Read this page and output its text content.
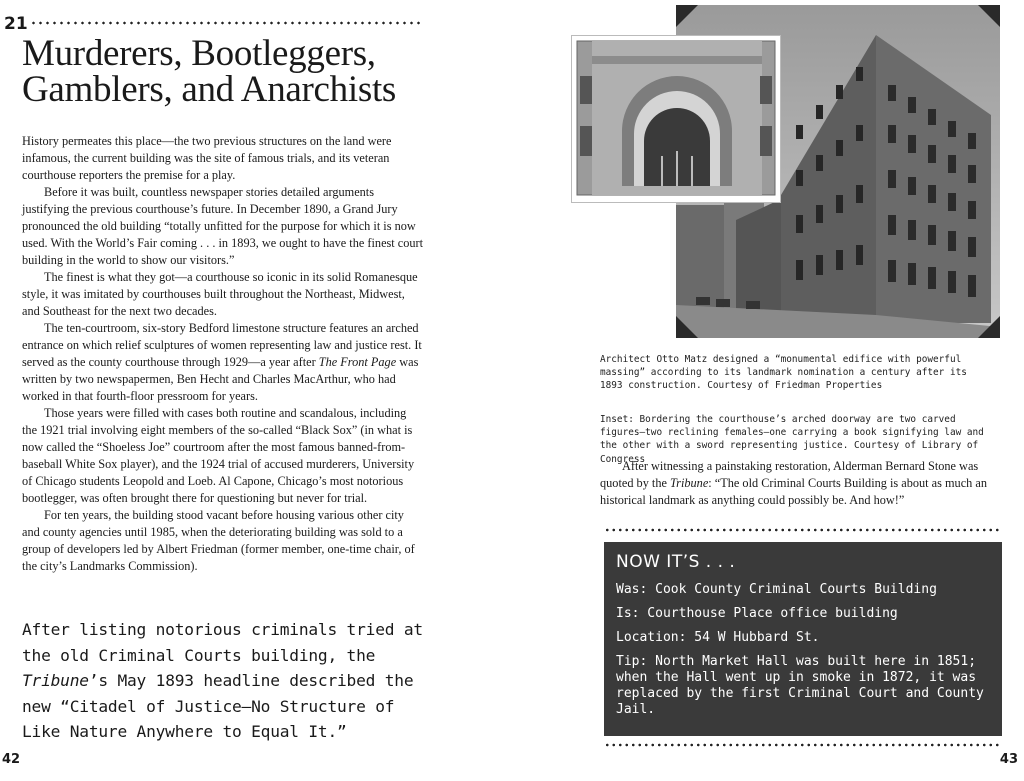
21
Murderers, Bootleggers,
Gamblers, and Anarchists

History permeates this place—the two previous structures on the land were infamous, the current building was the site of famous trials, and its veteran courthouse reporters the premise for a play.

Before it was built, countless newspaper stories detailed arguments justifying the previous courthouse’s future. In December 1890, a Grand Jury pronounced the old building “totally unfitted for the purpose for which it is now used. With the World’s Fair coming . . . in 1893, we ought to have the finest court building in the world to show our visitors.”

The finest is what they got—a courthouse so iconic in its solid Romanesque style, it was imitated by courthouses built throughout the Northeast, Midwest, and Southeast for the next two decades.

The ten-courtroom, six-story Bedford limestone structure features an arched entrance on which relief sculptures of women representing law and justice rest. It served as the county courthouse through 1929—a year after The Front Page was written by two newspapermen, Ben Hecht and Charles MacArthur, who had worked in that fourth-floor pressroom for years.

Those years were filled with cases both routine and scandalous, including the 1921 trial involving eight members of the so-called “Black Sox” (in what is now called the “Shoeless Joe” courtroom after the most famous banned-from-baseball White Sox player), and the 1924 trial of accused murderers, University of Chicago students Leopold and Loeb. Al Capone, Chicago’s most notorious bootlegger, was often brought there for questioning but never for trial.

For ten years, the building stood vacant before housing various other city and county agencies until 1985, when the deteriorating building was sold to a group of developers led by Albert Friedman (former member, one-time chair, of the city’s Landmarks Commission).

After listing notorious criminals tried at the old Criminal Courts building, the Tribune’s May 1893 headline described the new “Citadel of Justice—No Structure of Like Nature Anywhere to Equal It.”
42
Architect Otto Matz designed a “monumental edifice with powerful massing” according to its landmark nomination a century after its 1893 construction. Courtesy of Friedman Properties
Inset: Bordering the courthouse’s arched doorway are two carved figures—two reclining females—one carrying a book signifying law and the other with a sword representing justice. Courtesy of Library of Congress

After witnessing a painstaking restoration, Alderman Bernard Stone was quoted by the Tribune: “The old Criminal Courts Building is about as much an historical landmark as anything could possibly be. And how!”

NOW IT’S . . .
Was: Cook County Criminal Courts Building
Is: Courthouse Place office building
Location: 54 W Hubbard St.
Tip: North Market Hall was built here in 1851; when the Hall went up in smoke in 1872, it was replaced by the first Criminal Court and County Jail.
43
